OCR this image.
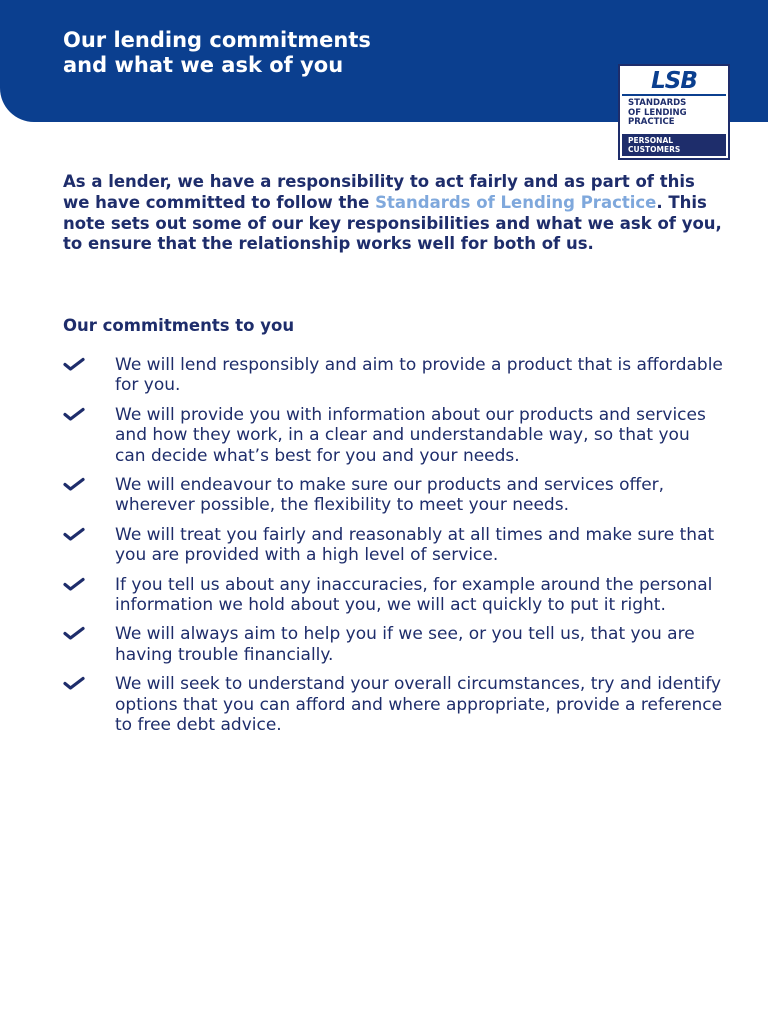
Our lending commitments and what we ask of you
LSB
STANDARDS
OF LENDING
PRACTICE
PERSONAL
CUSTOMERS

As a lender, we have a responsibility to act fairly and as part of this we have committed to follow the Standards of Lending Practice. This note sets out some of our key responsibilities and what we ask of you, to ensure that the relationship works well for both of us.

Our commitments to you
We will lend responsibly and aim to provide a product that is affordable for you.
We will provide you with information about our products and services and how they work, in a clear and understandable way, so that you can decide what’s best for you and your needs.
We will endeavour to make sure our products and services offer, wherever possible, the flexibility to meet your needs.
We will treat you fairly and reasonably at all times and make sure that you are provided with a high level of service.
If you tell us about any inaccuracies, for example around the personal information we hold about you, we will act quickly to put it right.
We will always aim to help you if we see, or you tell us, that you are having trouble financially.
We will seek to understand your overall circumstances, try and identify options that you can afford and where appropriate, provide a reference to free debt advice.
